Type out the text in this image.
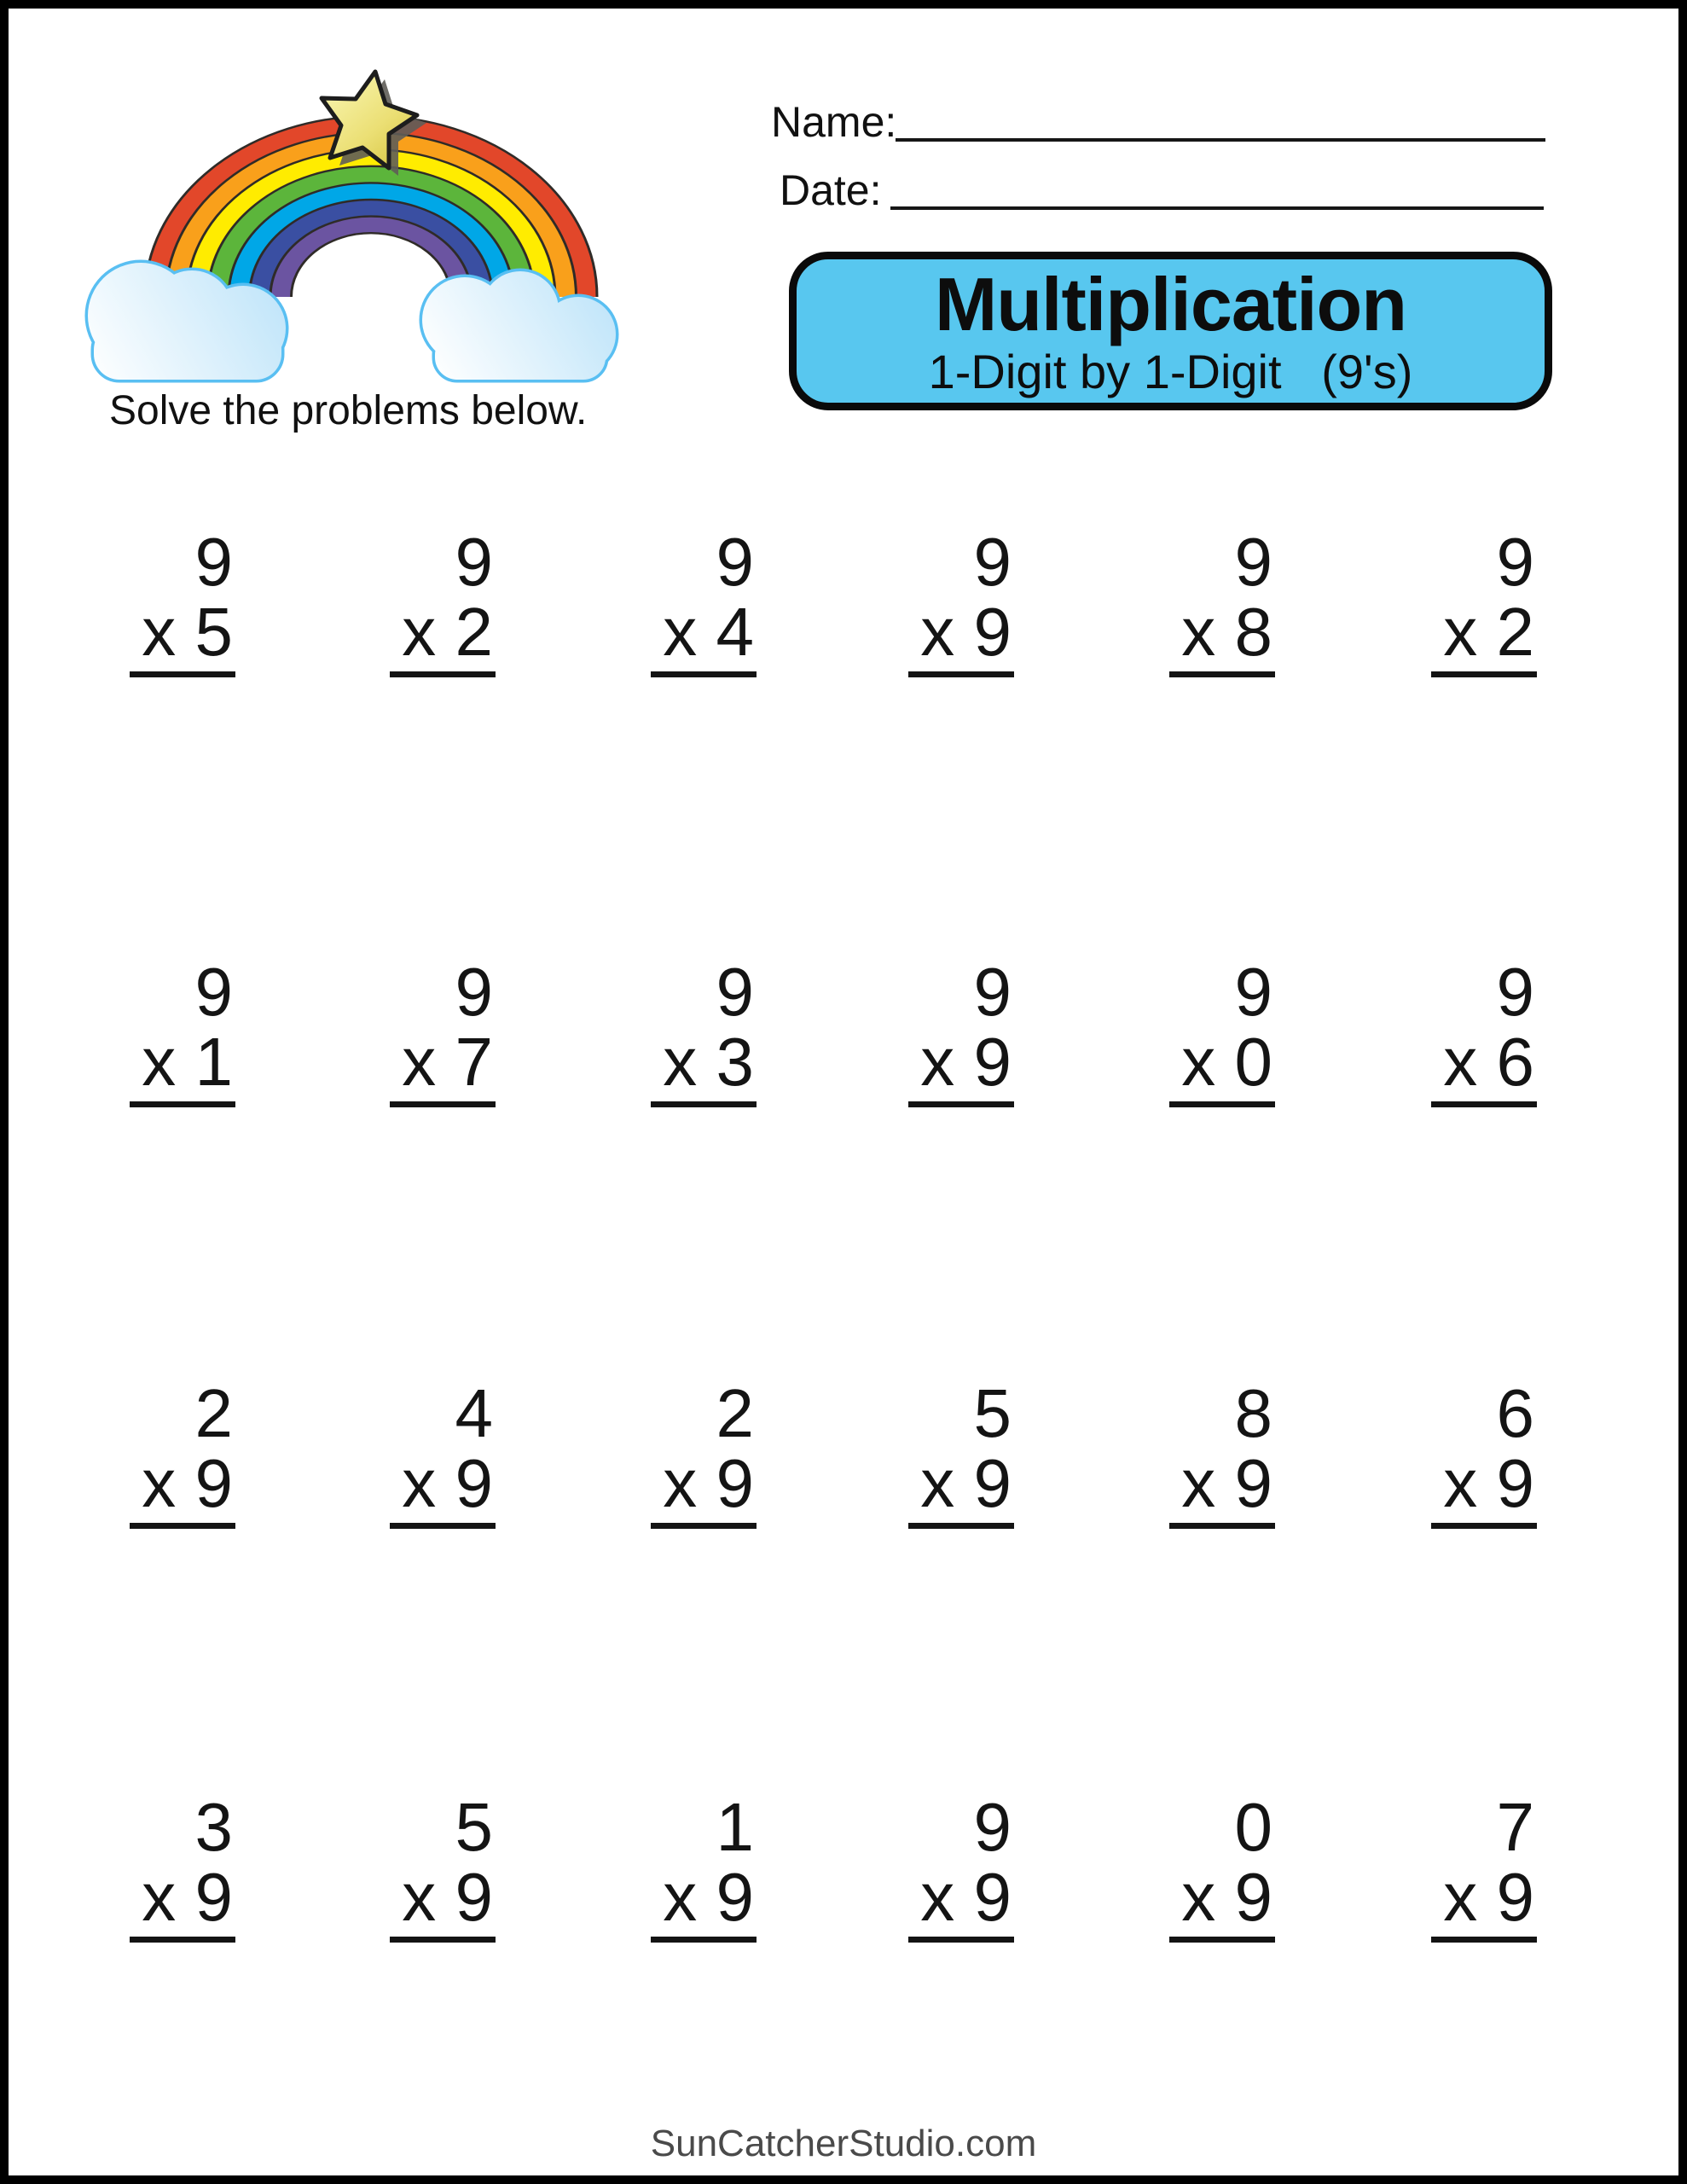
Solve the problems below.
Name:
Date:
Multiplication
1-Digit by 1-Digit   (9's)
9
x 5
9
x 2
9
x 4
9
x 9
9
x 8
9
x 2
9
x 1
9
x 7
9
x 3
9
x 9
9
x 0
9
x 6
2
x 9
4
x 9
2
x 9
5
x 9
8
x 9
6
x 9
3
x 9
5
x 9
1
x 9
9
x 9
0
x 9
7
x 9
SunCatcherStudio.com
